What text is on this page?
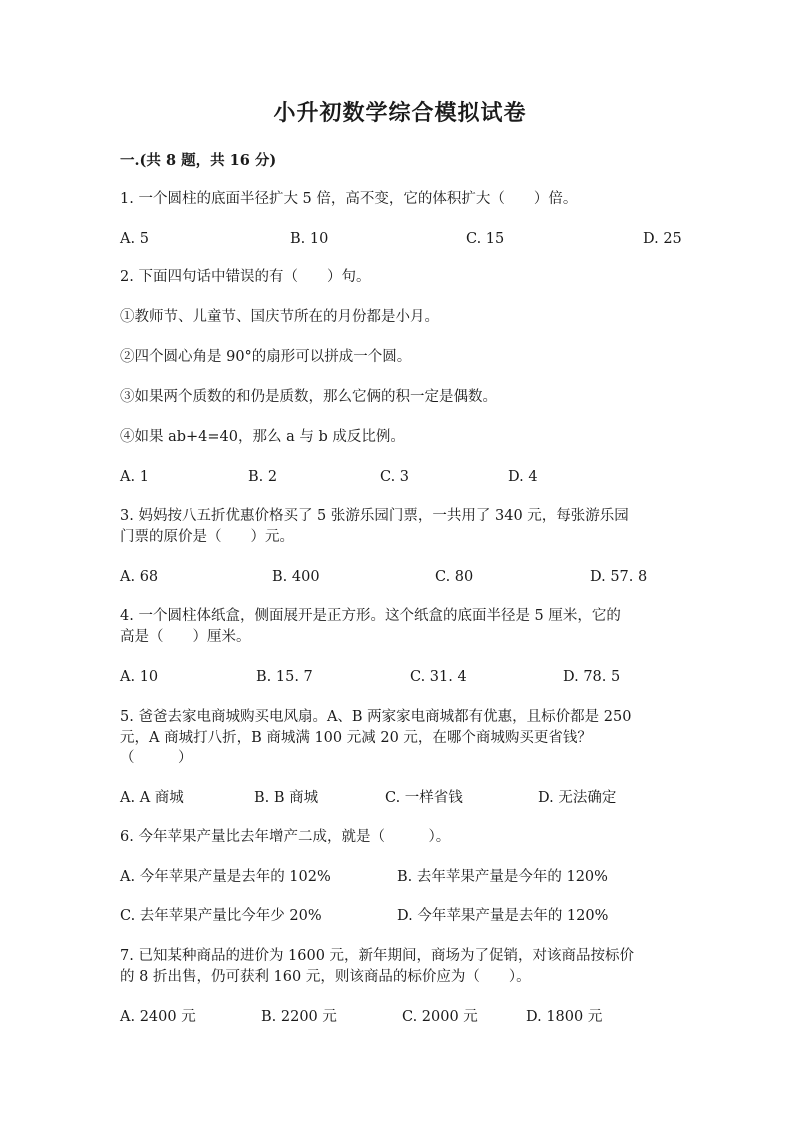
小升初数学综合模拟试卷
一.(共 8 题，共 16 分)
1. 一个圆柱的底面半径扩大 5 倍，高不变，它的体积扩大（　　）倍。
A. 5	B. 10	C. 15	D. 25
2. 下面四句话中错误的有（　　）句。
①教师节、儿童节、国庆节所在的月份都是小月。
②四个圆心角是 90°的扇形可以拼成一个圆。
③如果两个质数的和仍是质数，那么它俩的积一定是偶数。
④如果 ab+4=40，那么 a 与 b 成反比例。
A. 1	B. 2	C. 3	D. 4
3. 妈妈按八五折优惠价格买了 5 张游乐园门票，一共用了 340 元，每张游乐园
门票的原价是（　　）元。
A. 68	B. 400	C. 80	D. 57. 8
4. 一个圆柱体纸盒，侧面展开是正方形。这个纸盒的底面半径是 5 厘米，它的
高是（　　）厘米。
A. 10	B. 15. 7	C. 31. 4	D. 78. 5
5. 爸爸去家电商城购买电风扇。A、B 两家家电商城都有优惠，且标价都是 250
元，A 商城打八折，B 商城满 100 元减 20 元，在哪个商城购买更省钱？
（　　　）
A. A 商城	B. B 商城	C. 一样省钱	D. 无法确定
6. 今年苹果产量比去年增产二成，就是（　　　）。
A. 今年苹果产量是去年的 102%	B. 去年苹果产量是今年的 120%
C. 去年苹果产量比今年少 20%	D. 今年苹果产量是去年的 120%
7. 已知某种商品的进价为 1600 元，新年期间，商场为了促销，对该商品按标价
的 8 折出售，仍可获利 160 元，则该商品的标价应为（　　）。
A. 2400 元	B. 2200 元	C. 2000 元	D. 1800 元
